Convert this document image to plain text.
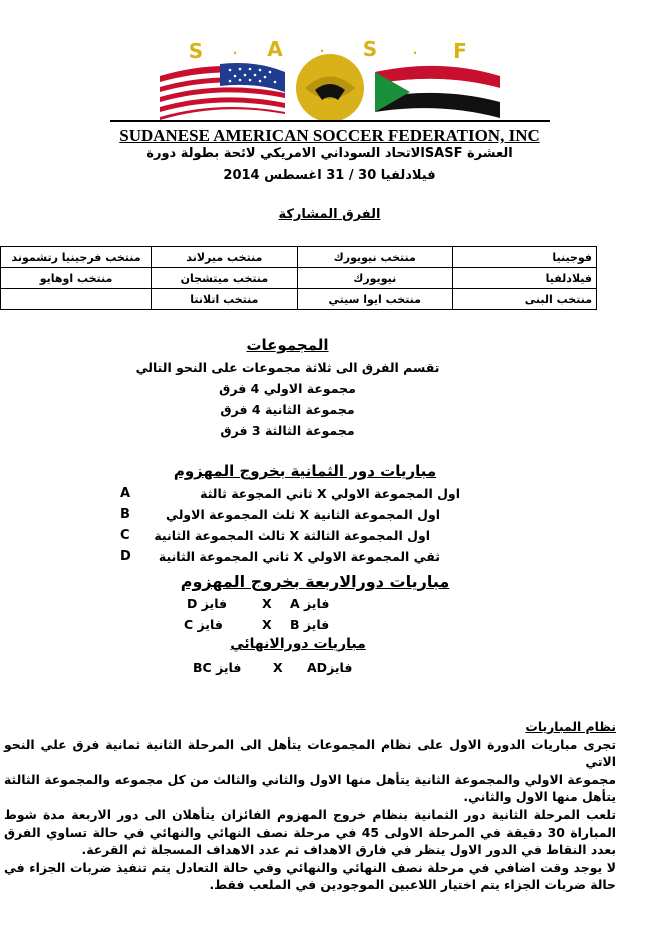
S	A	S	F
.	.	.
SUDANESE AMERICAN SOCCER FEDERATION, INC
العشرة SASFالاتحاد السوداني الامريكي لائحة بطولة دورة
فيلادلفيا 30 / 31 اغسطس 2014
الفرق المشاركة
فوجينيا	منتخب نيويورك	منتخب ميرلاند	منتخب فرجينيا رتشموند
فيلادلفيا	نيويورك	منتخب ميتشجان	منتخب اوهايو
منتخب البنى	منتخب ايوا سيتي	منتخب اتلانتا	
المجموعات
تقسم الفرق الى ثلاثة مجموعات على النحو التالي
مجموعة الاولي 4 فرق
مجموعة الثانية 4 فرق
مجموعة الثالثة 3 فرق
مباريات دور الثمانية بخروج المهزوم
A	اول المجموعة الاولي X ثاني المجوعة ثالثة
B	اول المجموعة الثانية X ثلث المجموعة الاولي
C اول المجموعة الثالثة X ثالث المجموعة الثانية
D ثقي المجموعة الاولي X ثاني المجموعة الثانية
مباريات دورالاربعة بخروج المهزوم
D فايز	X A فايز
C فايز	X B فايز
مباريات دورالانهائي
BC فايز	X ADفايز

نظام المباريات

تجرى مباريات الدورة الاول على نظام المجموعات يتأهل الى المرحلة الثانية ثمانية فرق علي النحو الاتي

مجموعة الاولي والمجموعة الثانية يتأهل منها الاول والثاني والثالث من كل مجموعه والمجموعة الثالثة يتأهل منها الاول والثاني.

تلعب المرحلة الثانية دور الثمانية بنظام خروج المهزوم الفائزان يتأهلان الى دور الاربعة مدة شوط المباراة 30 دقيقة في المرحلة الاولى 45 في مرحلة نصف النهائي والنهائي في حالة تساوي الفرق بعدد النقاط في الدور الاول ينظر في فارق الاهداف ثم عدد الاهداف المسجلة ثم القرعة.

لا يوجد وقت اضافي في مرحلة نصف النهائي والنهائي وفي حالة التعادل يتم تنفيذ ضربات الجزاء في حالة ضربات الجزاء يتم اختيار اللاعبين الموجودين في الملعب فقط.
